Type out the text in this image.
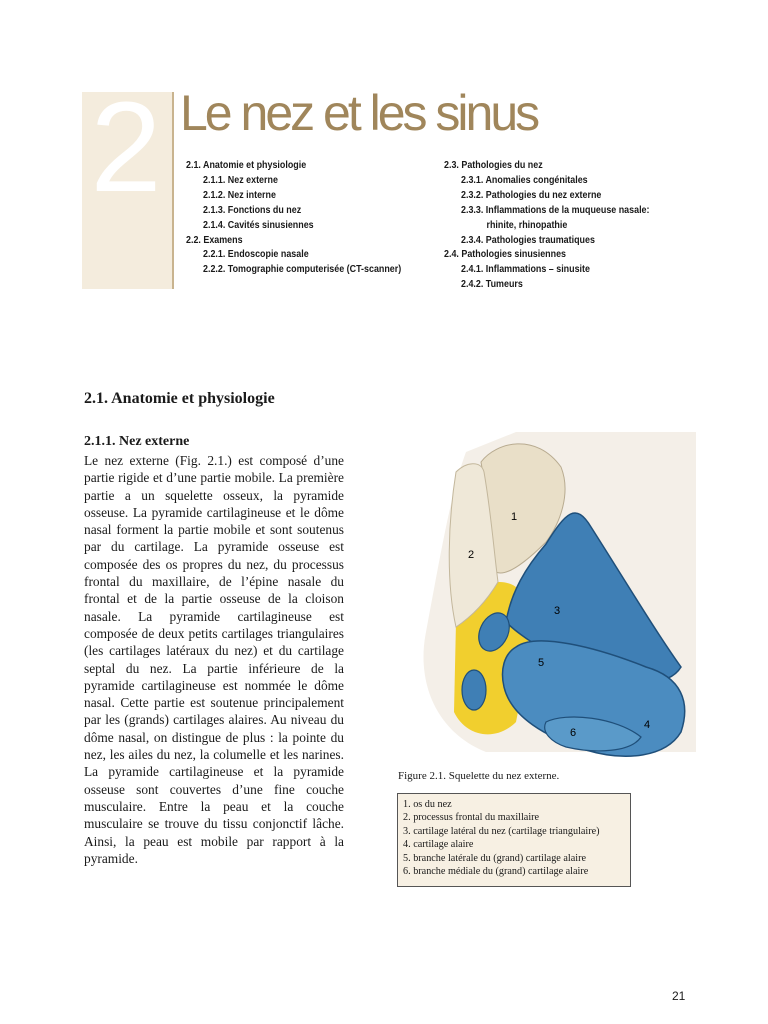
2 Le nez et les sinus
2.1. Anatomie et physiologie
2.1.1. Nez externe
2.1.2. Nez interne
2.1.3. Fonctions du nez
2.1.4. Cavités sinusiennes
2.2. Examens
2.2.1. Endoscopie nasale
2.2.2. Tomographie computerisée (CT-scanner)
2.3. Pathologies du nez
2.3.1. Anomalies congénitales
2.3.2. Pathologies du nez externe
2.3.3. Inflammations de la muqueuse nasale:
rhinite, rhinopathie
2.3.4. Pathologies traumatiques
2.4. Pathologies sinusiennes
2.4.1. Inflammations – sinusite
2.4.2. Tumeurs
2.1. Anatomie et physiologie
2.1.1. Nez externe

Le nez externe (Fig. 2.1.) est composé d’une partie rigide et d’une partie mobile. La première partie a un squelette osseux, la pyramide osseuse. La pyramide cartilagineuse et le dôme nasal forment la partie mobile et sont soutenus par du cartilage. La pyramide osseuse est composée des os propres du nez, du processus frontal du maxillaire, de l’épine nasale du frontal et de la partie osseuse de la cloison nasale. La pyramide cartilagineuse est composée de deux petits cartilages triangulaires (les cartilages latéraux du nez) et du cartilage septal du nez. La partie inférieure de la pyramide cartilagineuse est nommée le dôme nasal. Cette partie est soutenue principalement par les (grands) cartilages alaires. Au niveau du dôme nasal, on distingue de plus : la pointe du nez, les ailes du nez, la columelle et les narines. La pyramide cartilagineuse et la pyramide osseuse sont couvertes d’une fine couche musculaire. Entre la peau et la couche musculaire se trouve du tissu conjonctif lâche. Ainsi, la peau est mobile par rapport à la pyramide.

1
2
3
5
4
6
Figure 2.1. Squelette du nez externe.
1. os du nez
2. processus frontal du maxillaire
3. cartilage latéral du nez (cartilage triangulaire)
4. cartilage alaire
5. branche latérale du (grand) cartilage alaire
6. branche médiale du (grand) cartilage alaire
21
